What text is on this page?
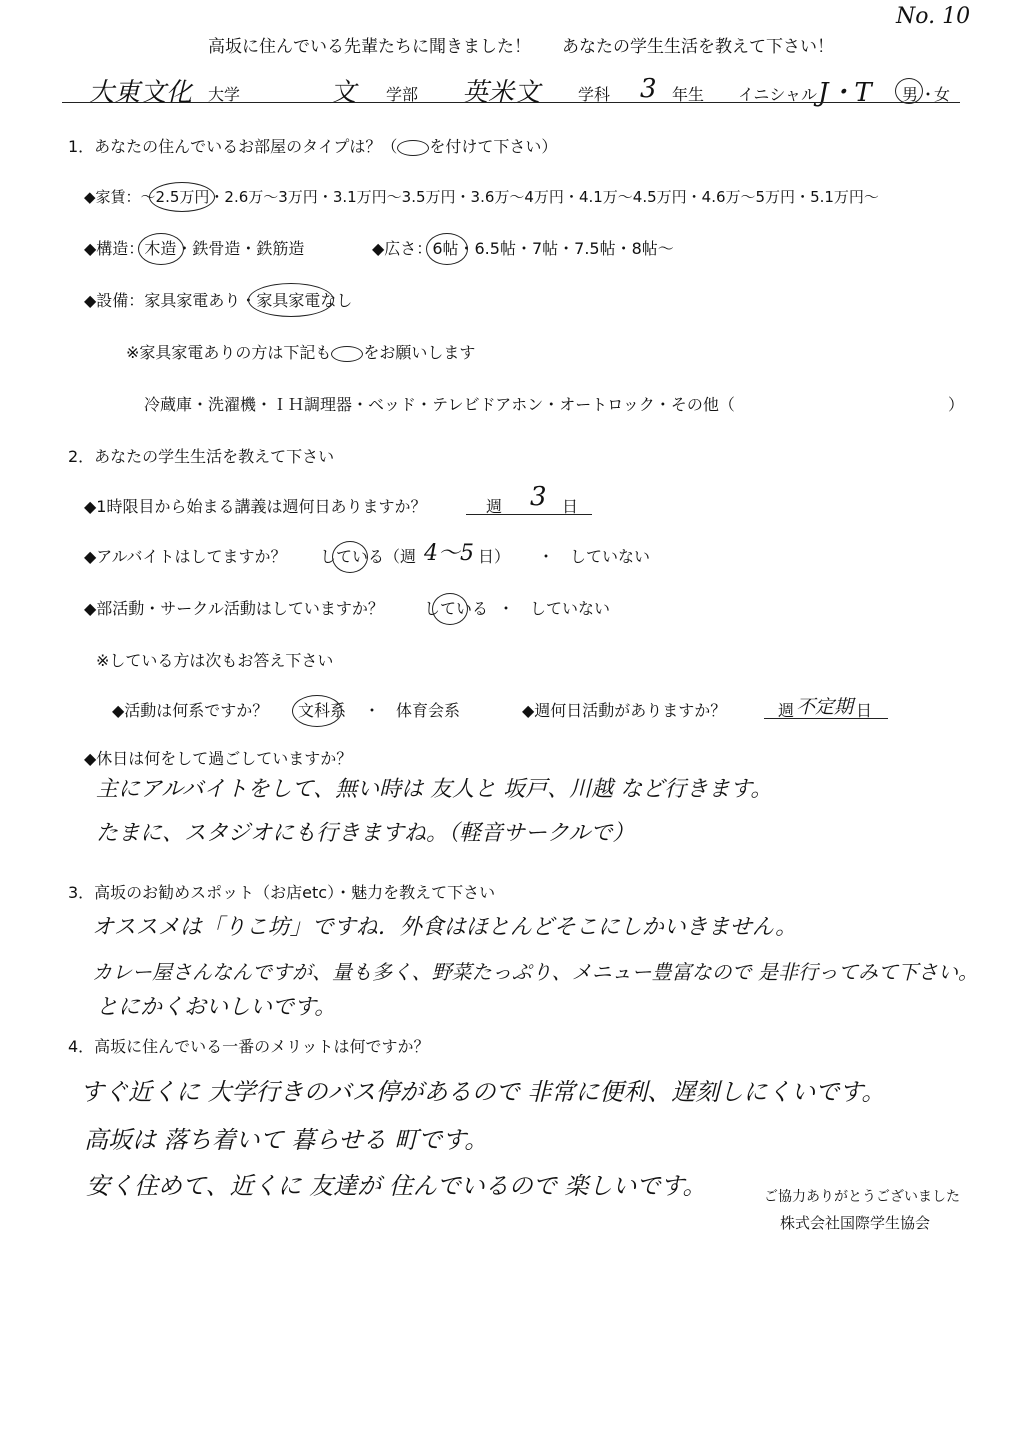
No. 10
高坂に住んでいる先輩たちに聞きました！ あなたの学生生活を教えて下さい！
大東文化 大学	文 学部 英米文 学科 3 年生 イニシャル J・T 男 ・
女
1．あなたの住んでいるお部屋のタイプは？（ を付けて下さい）
◆家賃：～2.5万円
・2.6万～3万円・3.1万円～3.5万円・3.6万～4万円・4.1万～4.5万円・4.6万～5万円・5.1万円～
◆構造：木造
・鉄骨造・鉄筋造	◆広さ：6帖
・6.5帖・7帖・7.5帖・8帖～
◆設備：家具家電あり・家具家電
なし
※家具家電ありの方は下記も をお願いします
冷蔵庫・洗濯機・ＩＨ調理器・ベッド・テレビドアホン・オートロック・その他（	）
2．あなたの学生生活を教えて下さい
◆1時限目から始まる講義は週何日ありますか？	週 3 日
◆アルバイトはしてますか？ している（週 4～5 日） ・　していない
◆部活動・サークル活動はしていますか？	している ・　していない
※している方は次もお答え下さい
◆活動は何系ですか？ 文科系 ・　体育会系	◆週何日活動がありますか？	週 不定期 日
◆休日は何をして過ごしていますか？
主にアルバイトをして、無い時は 友人と 坂戸、川越 など行きます。
たまに、スタジオにも行きますね。（軽音サークルで）
3．高坂のお勧めスポット（お店etc）・魅力を教えて下さい
オススメは「りこ坊」ですね．外食はほとんどそこにしかいきません。
カレー屋さんなんですが、量も多く、野菜たっぷり、メニュー豊富なので 是非行ってみて下さい。
とにかくおいしいです。
4．高坂に住んでいる一番のメリットは何ですか？
すぐ近くに 大学行きのバス停があるので 非常に便利、遅刻しにくいです。
高坂は 落ち着いて 暮らせる 町です。
安く住めて、近くに 友達が 住んでいるので 楽しいです。	ご協力ありがとうございました
株式会社国際学生協会
